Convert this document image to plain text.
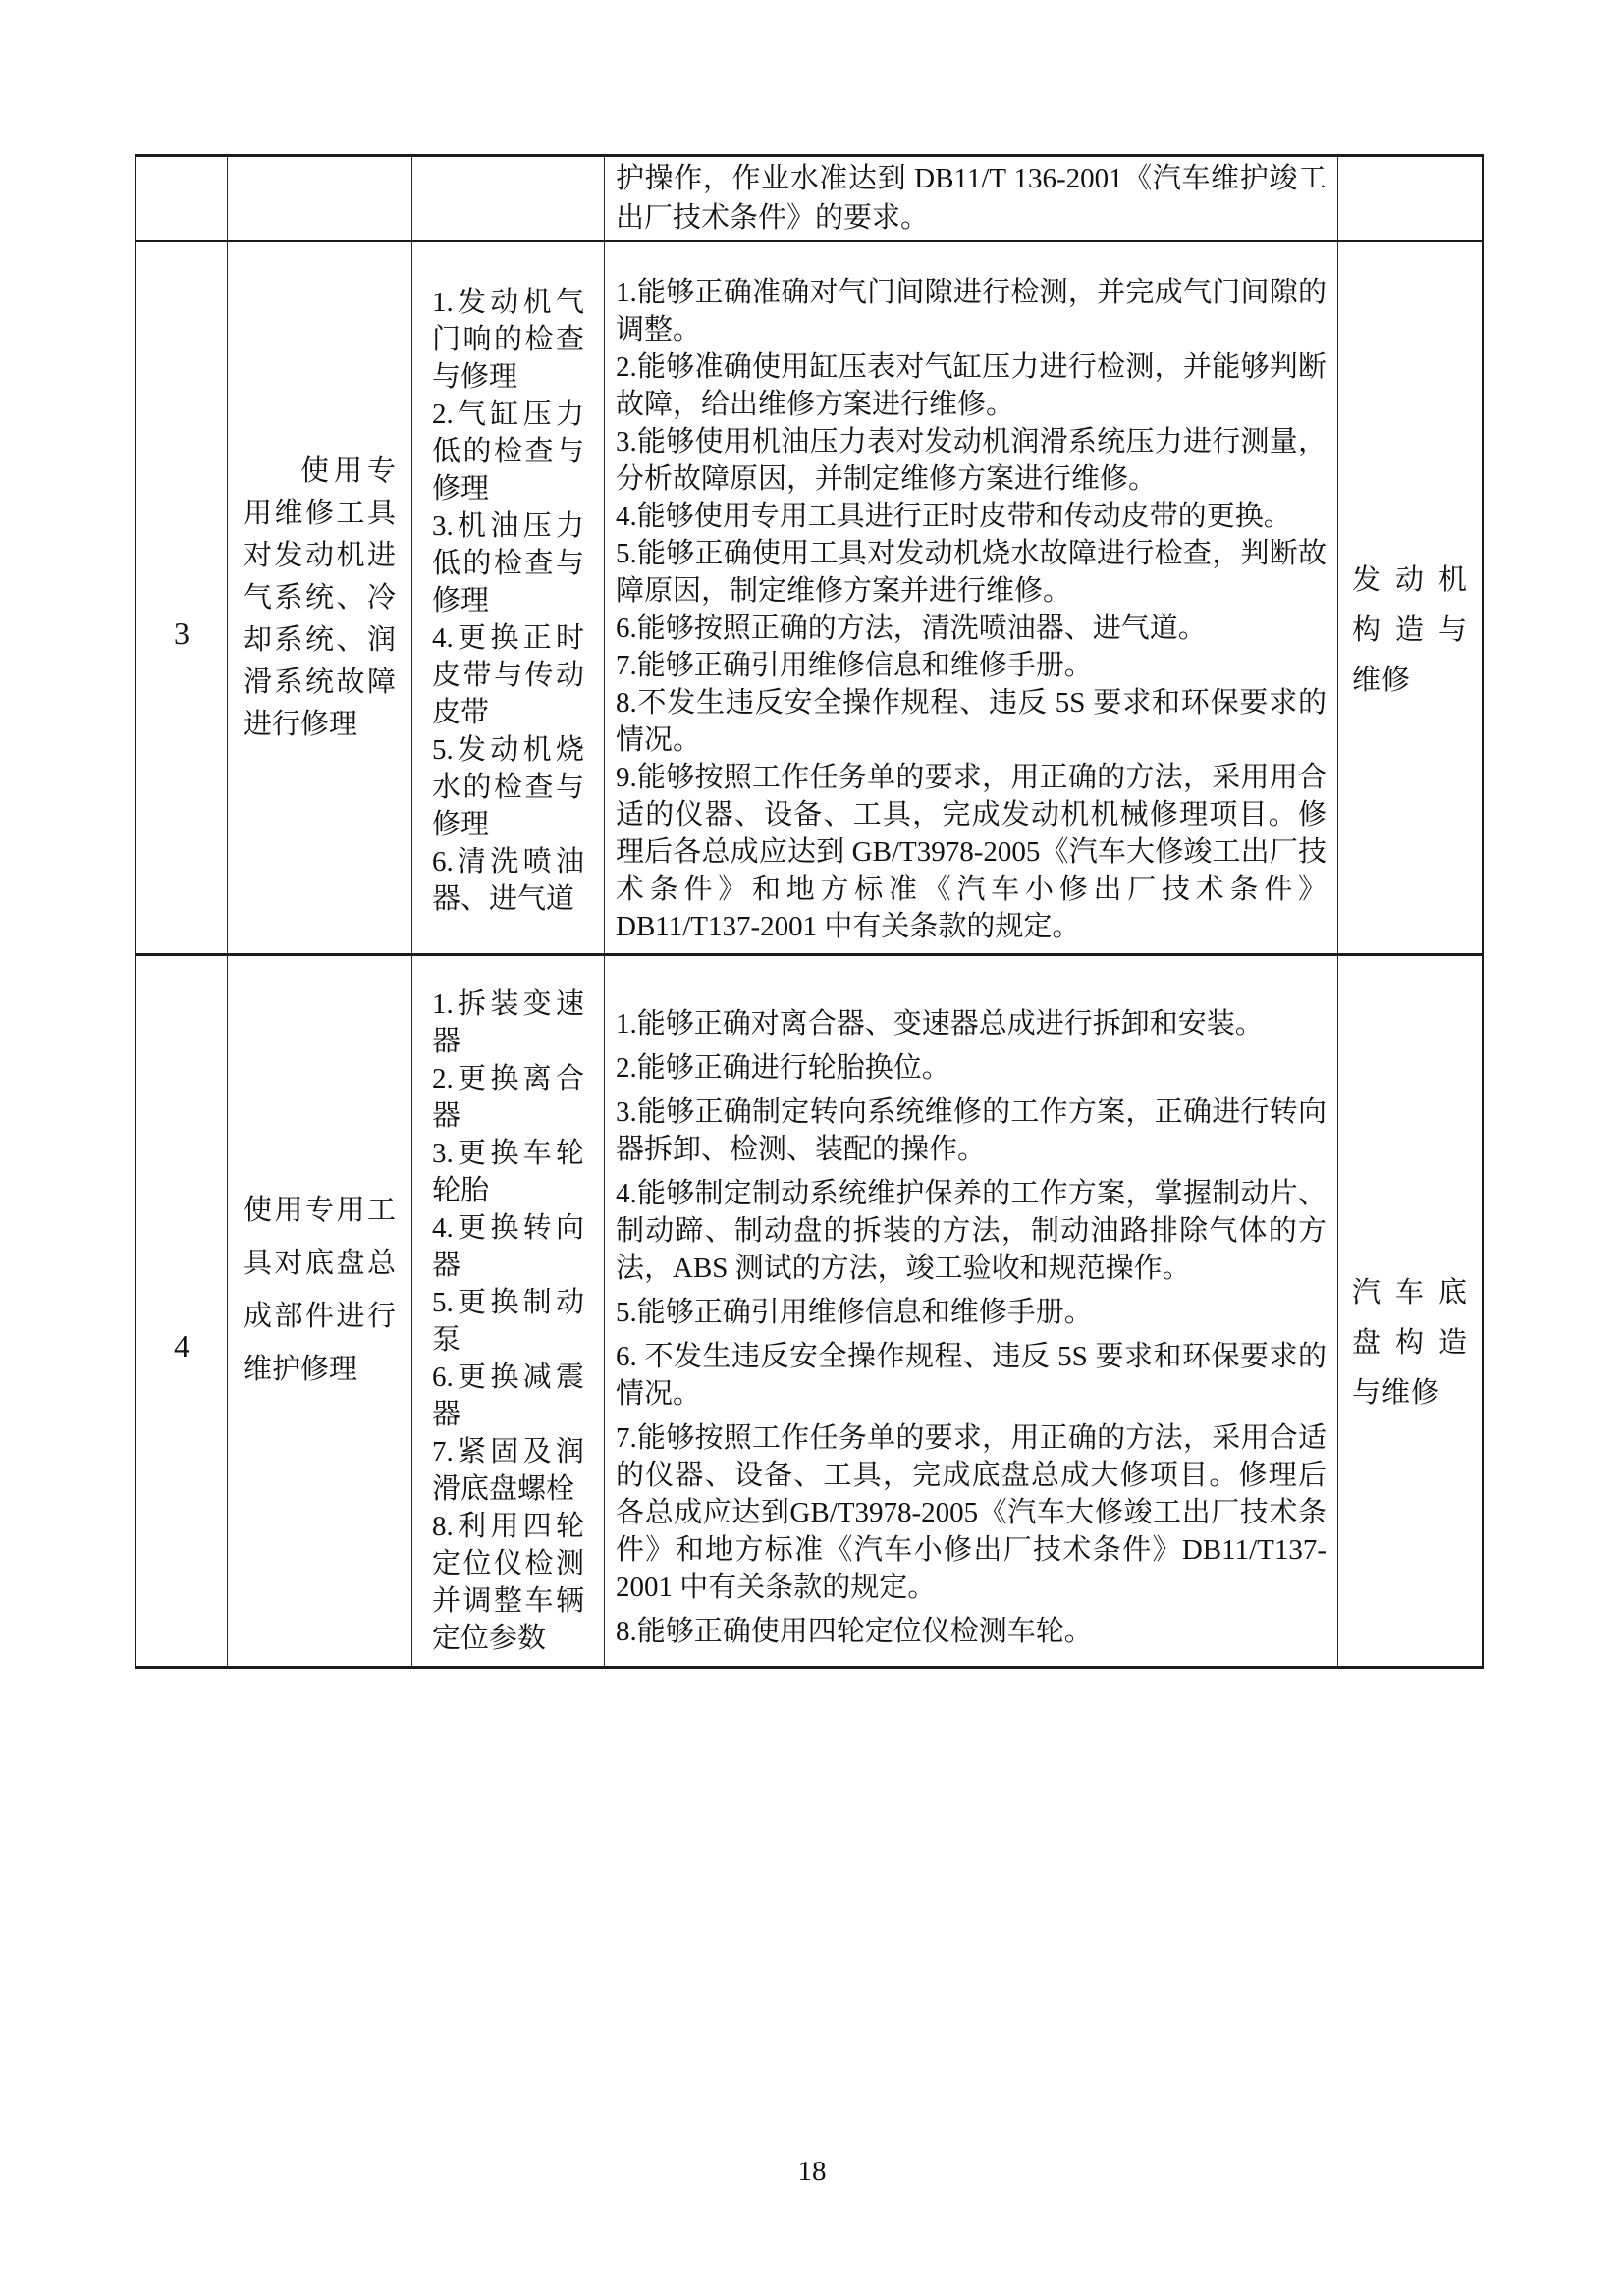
护操作，作业水准达到 DB11/T 136-2001《汽车维护竣工出厂技术条件》的要求。

3

使用专用维修工具对发动机进气系统、冷却系统、润滑系统故障进行修理

1.发动机气门响的检查与修理

2.气缸压力低的检查与修理

3.机油压力低的检查与修理

4.更换正时皮带与传动皮带

5.发动机烧水的检查与修理

6.清洗喷油器、进气道

1.能够正确准确对气门间隙进行检测，并完成气门间隙的调整。

2.能够准确使用缸压表对气缸压力进行检测，并能够判断故障，给出维修方案进行维修。

3.能够使用机油压力表对发动机润滑系统压力进行测量，分析故障原因，并制定维修方案进行维修。

4.能够使用专用工具进行正时皮带和传动皮带的更换。

5.能够正确使用工具对发动机烧水故障进行检查，判断故障原因，制定维修方案并进行维修。

6.能够按照正确的方法，清洗喷油器、进气道。

7.能够正确引用维修信息和维修手册。

8.不发生违反安全操作规程、违反 5S 要求和环保要求的情况。

9.能够按照工作任务单的要求，用正确的方法，采用用合适的仪器、设备、工具，完成发动机机械修理项目。修理后各总成应达到 GB/T3978-2005《汽车大修竣工出厂技术条件》和地方标准《汽车小修出厂技术条件》DB11/T137-2001 中有关条款的规定。

发动机构造与维修

4

使用专用工具对底盘总成部件进行维护修理

1.拆装变速器

2.更换离合器

3.更换车轮轮胎

4.更换转向器

5.更换制动泵

6.更换减震器

7.紧固及润滑底盘螺栓

8.利用四轮定位仪检测并调整车辆定位参数

1.能够正确对离合器、变速器总成进行拆卸和安装。

2.能够正确进行轮胎换位。

3.能够正确制定转向系统维修的工作方案，正确进行转向器拆卸、检测、装配的操作。

4.能够制定制动系统维护保养的工作方案，掌握制动片、制动蹄、制动盘的拆装的方法，制动油路排除气体的方法，ABS 测试的方法，竣工验收和规范操作。

5.能够正确引用维修信息和维修手册。

6. 不发生违反安全操作规程、违反 5S 要求和环保要求的情况。

7.能够按照工作任务单的要求，用正确的方法，采用合适的仪器、设备、工具，完成底盘总成大修项目。修理后各总成应达到GB/T3978-2005《汽车大修竣工出厂技术条件》和地方标准《汽车小修出厂技术条件》DB11/T137-2001 中有关条款的规定。

8.能够正确使用四轮定位仪检测车轮。

汽车底盘构造与维修

18
